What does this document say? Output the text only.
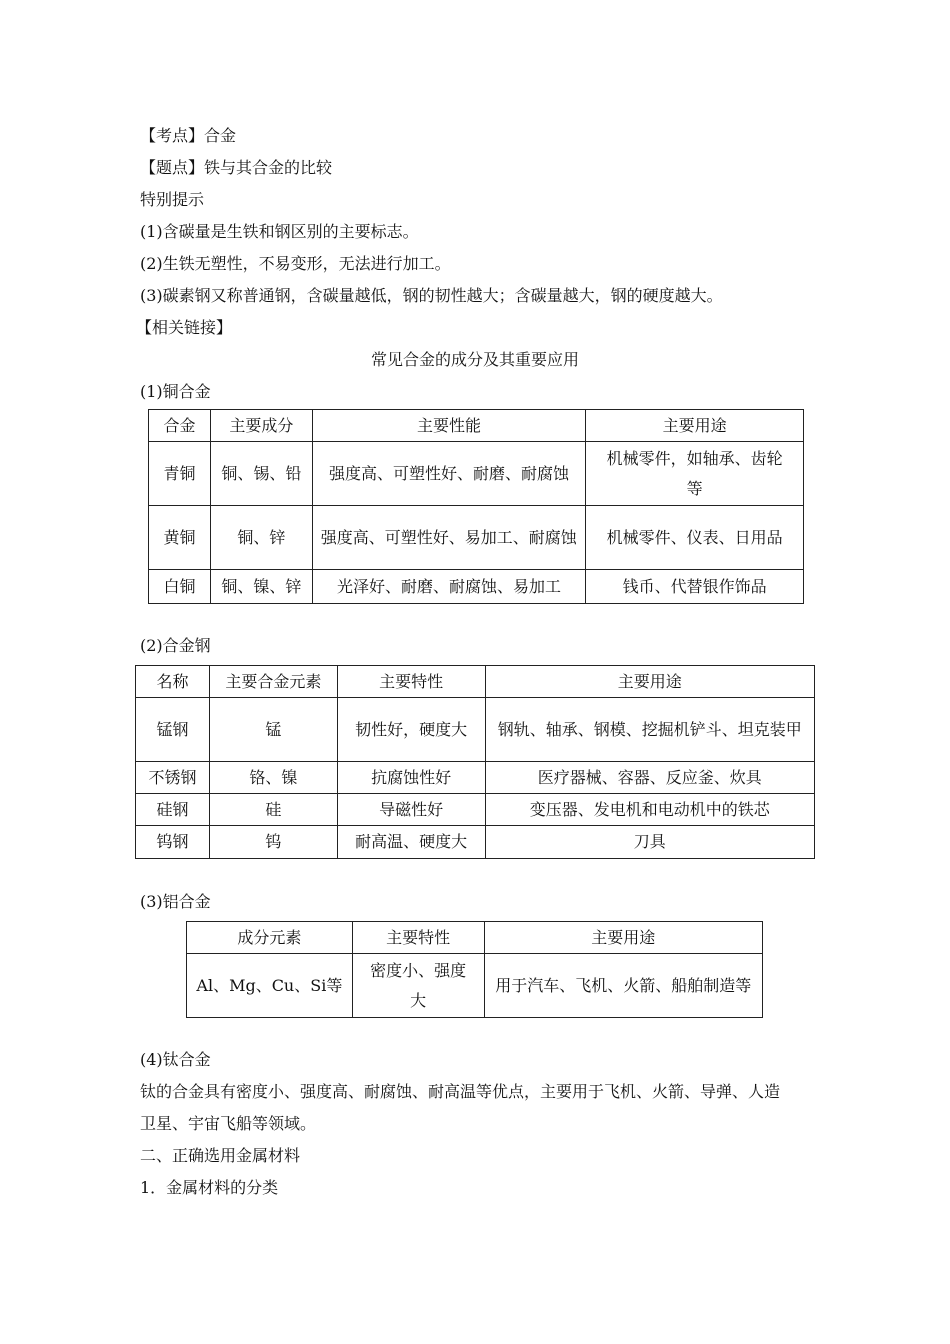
【考点】合金
【题点】铁与其合金的比较
特别提示
(1)含碳量是生铁和钢区别的主要标志。
(2)生铁无塑性，不易变形，无法进行加工。
(3)碳素钢又称普通钢，含碳量越低，钢的韧性越大；含碳量越大，钢的硬度越大。
【相关链接】
常见合金的成分及其重要应用
(1)铜合金
合金	主要成分	主要性能	主要用途
青铜	铜、锡、铅	强度高、可塑性好、耐磨、耐腐蚀	机械零件，如轴承、齿轮等
黄铜	铜、锌	强度高、可塑性好、易加工、耐腐蚀	机械零件、仪表、日用品
白铜	铜、镍、锌	光泽好、耐磨、耐腐蚀、易加工	钱币、代替银作饰品
(2)合金钢
名称	主要合金元素	主要特性	主要用途
锰钢	锰	韧性好，硬度大	钢轨、轴承、钢模、挖掘机铲斗、坦克装甲
不锈钢	铬、镍	抗腐蚀性好	医疗器械、容器、反应釜、炊具
硅钢	硅	导磁性好	变压器、发电机和电动机中的铁芯
钨钢	钨	耐高温、硬度大	刀具
(3)铝合金
成分元素	主要特性	主要用途
Al、Mg、Cu、Si等	密度小、强度大	用于汽车、飞机、火箭、船舶制造等
(4)钛合金
钛的合金具有密度小、强度高、耐腐蚀、耐高温等优点，主要用于飞机、火箭、导弹、人造
卫星、宇宙飞船等领域。
二、正确选用金属材料
1．金属材料的分类
